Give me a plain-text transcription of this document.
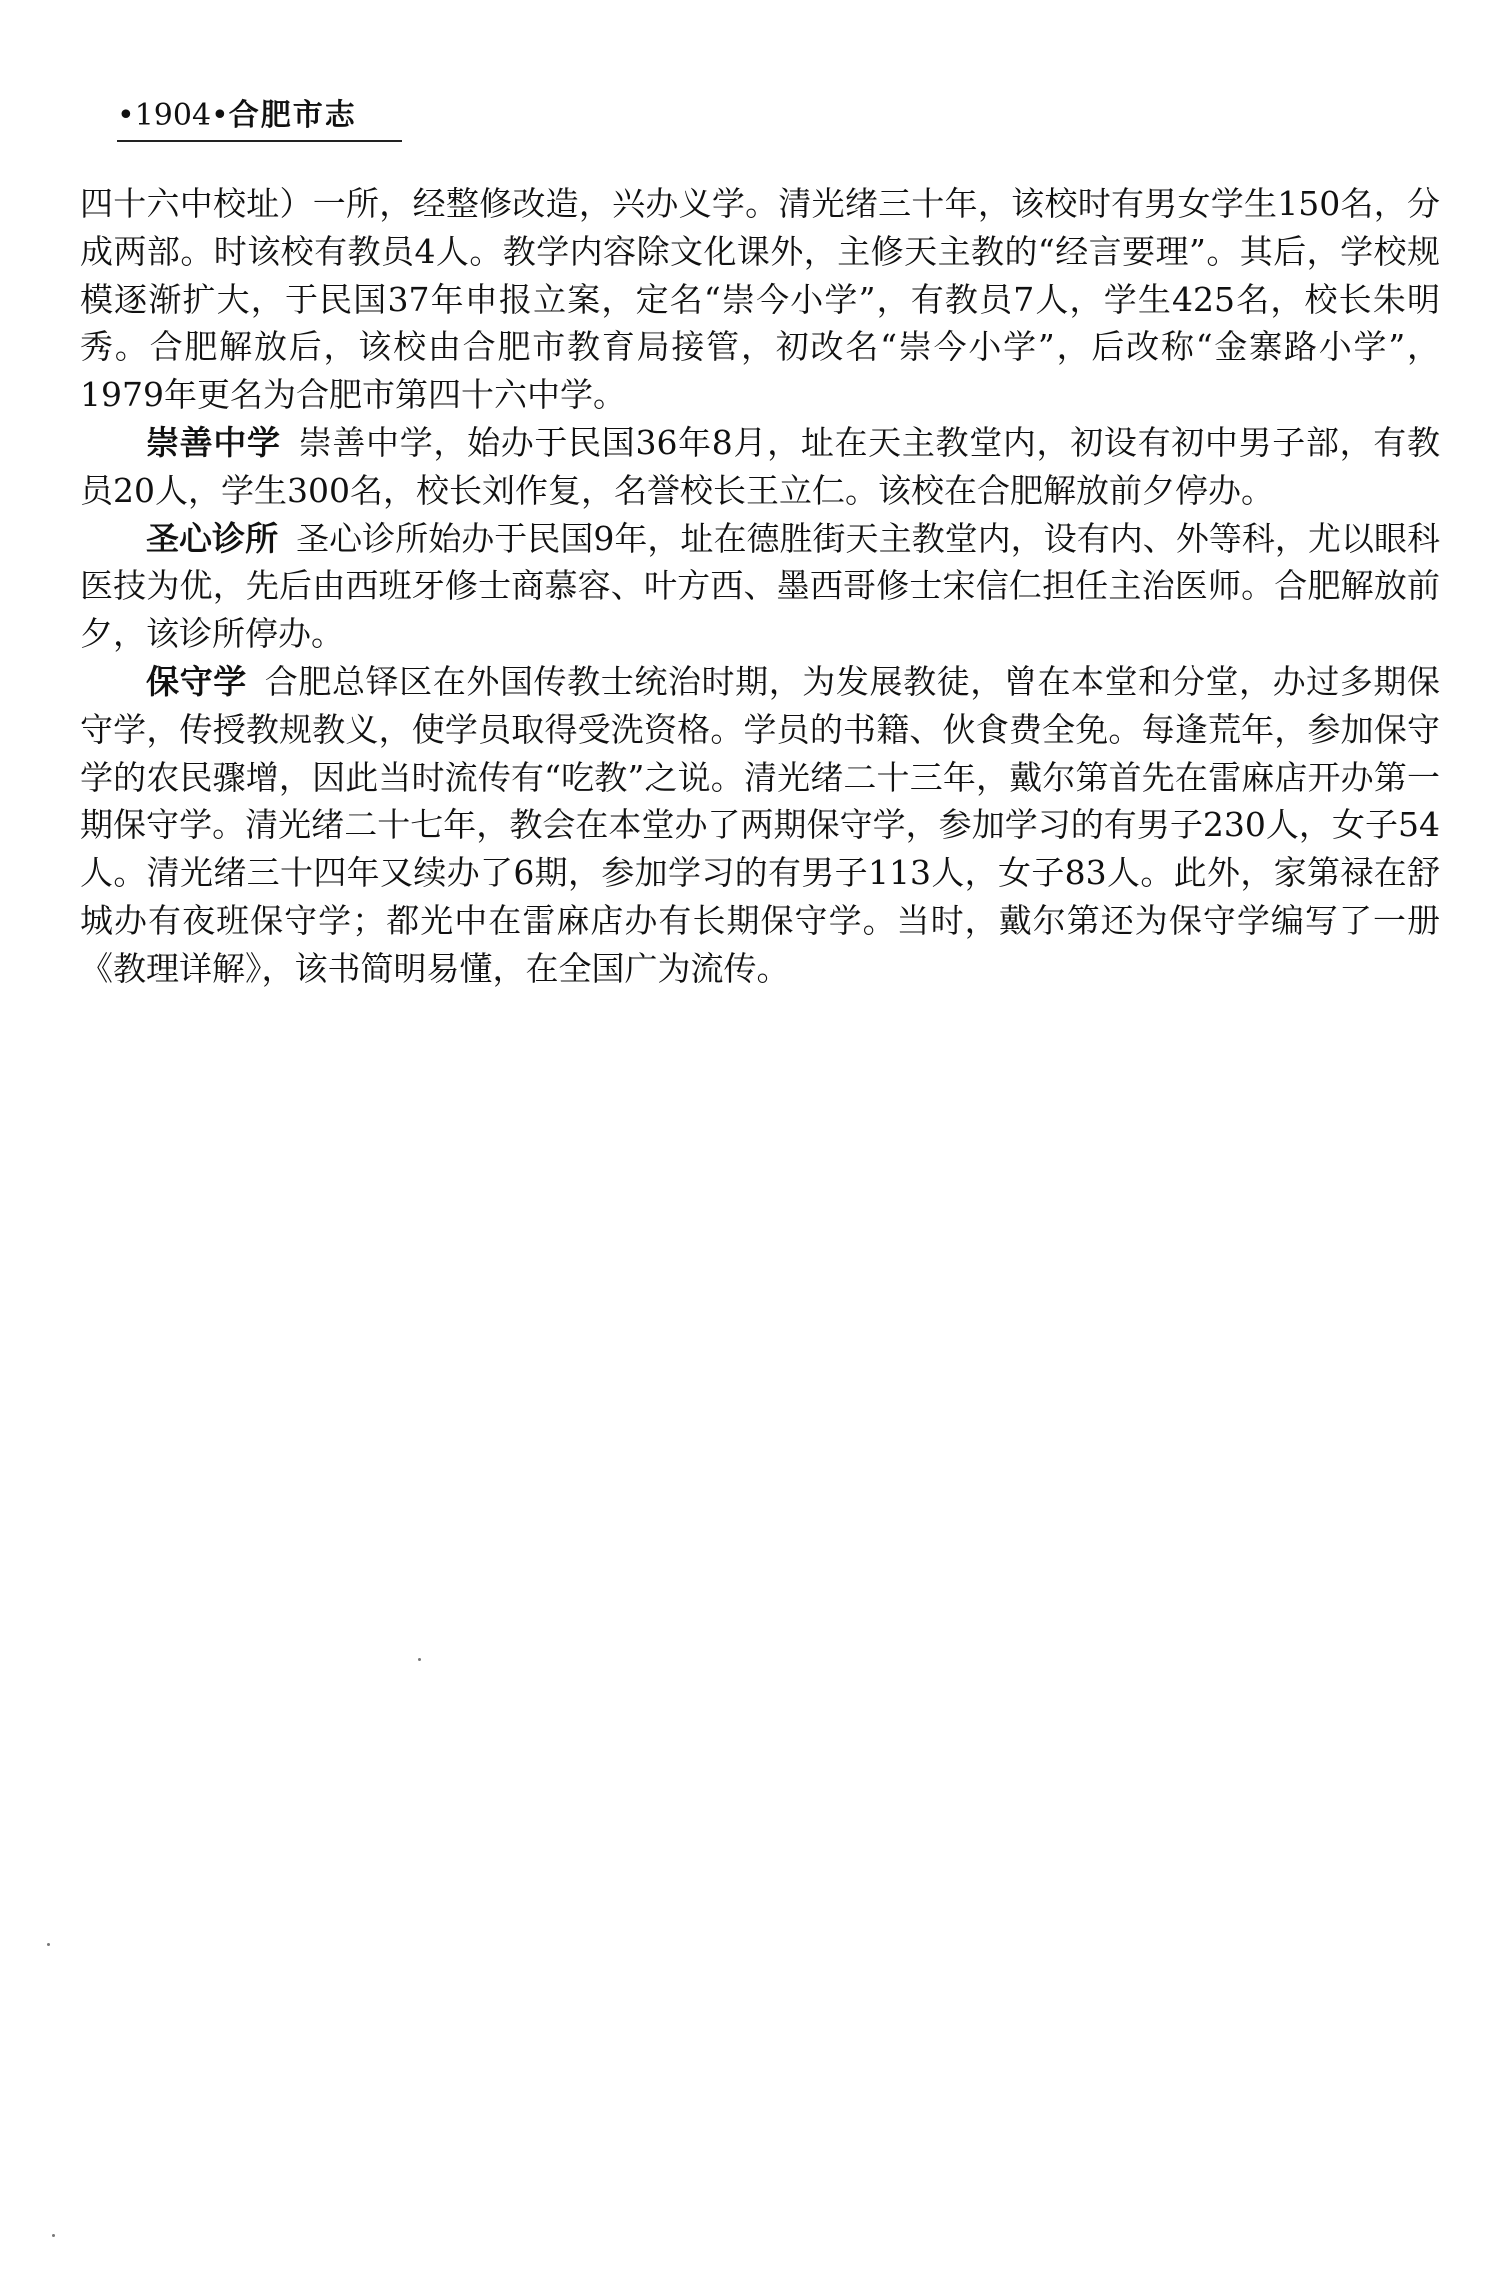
•1904•合肥市志

四十六中校址）一所，经整修改造，兴办义学。清光绪三十年，该校时有男女学生150名，分成两部。时该校有教员4人。教学内容除文化课外，主修天主教的“经言要理”。其后，学校规模逐渐扩大，于民国37年申报立案，定名“崇今小学”，有教员7人，学生425名，校长朱明秀。合肥解放后，该校由合肥市教育局接管，初改名“崇今小学”，后改称“金寨路小学”，1979年更名为合肥市第四十六中学。

崇善中学 崇善中学，始办于民国36年8月，址在天主教堂内，初设有初中男子部，有教员20人，学生300名，校长刘作复，名誉校长王立仁。该校在合肥解放前夕停办。

圣心诊所 圣心诊所始办于民国9年，址在德胜街天主教堂内，设有内、外等科，尤以眼科医技为优，先后由西班牙修士商慕容、叶方西、墨西哥修士宋信仁担任主治医师。合肥解放前夕，该诊所停办。

保守学 合肥总铎区在外国传教士统治时期，为发展教徒，曾在本堂和分堂，办过多期保守学，传授教规教义，使学员取得受洗资格。学员的书籍、伙食费全免。每逢荒年，参加保守学的农民骤增，因此当时流传有“吃教”之说。清光绪二十三年，戴尔第首先在雷麻店开办第一期保守学。清光绪二十七年，教会在本堂办了两期保守学，参加学习的有男子230人，女子54人。清光绪三十四年又续办了6期，参加学习的有男子113人，女子83人。此外，家第禄在舒城办有夜班保守学；都光中在雷麻店办有长期保守学。当时，戴尔第还为保守学编写了一册《教理详解》，该书简明易懂，在全国广为流传。
